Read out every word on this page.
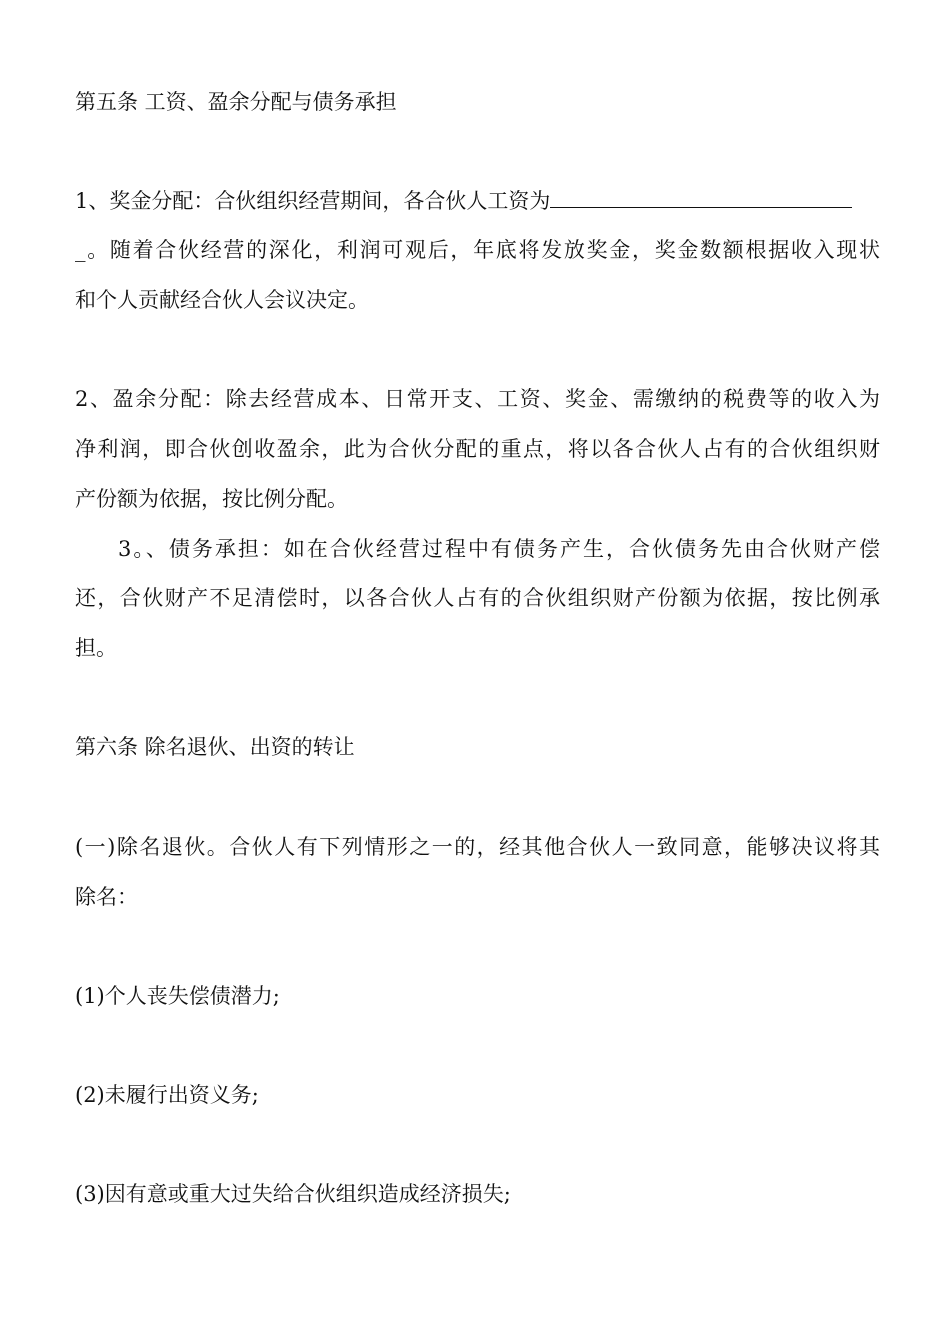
第五条 工资、盈余分配与债务承担
1、奖金分配：合伙组织经营期间，各合伙人工资为
_。随着合伙经营的深化，利润可观后，年底将发放奖金，奖金数额根据收入现状
和个人贡献经合伙人会议决定。
2、盈余分配：除去经营成本、日常开支、工资、奖金、需缴纳的税费等的收入为
净利润，即合伙创收盈余，此为合伙分配的重点，将以各合伙人占有的合伙组织财
产份额为依据，按比例分配。
3。、债务承担：如在合伙经营过程中有债务产生，合伙债务先由合伙财产偿
还，合伙财产不足清偿时，以各合伙人占有的合伙组织财产份额为依据，按比例承
担。
第六条 除名退伙、出资的转让
(一)除名退伙。合伙人有下列情形之一的，经其他合伙人一致同意，能够决议将其
除名：
(1)个人丧失偿债潜力;
(2)未履行出资义务;
(3)因有意或重大过失给合伙组织造成经济损失;
